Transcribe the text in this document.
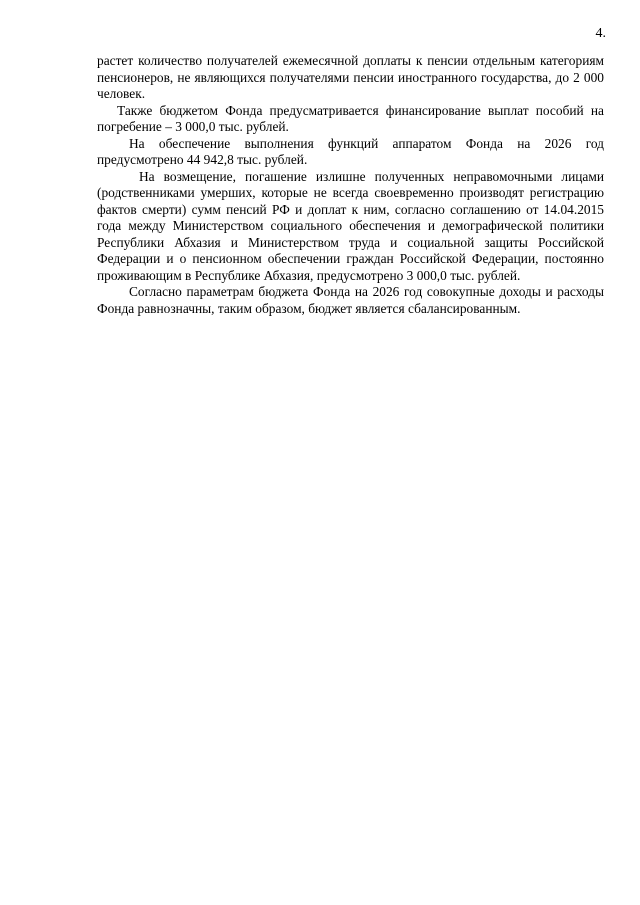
4.

растет количество получателей ежемесячной доплаты к пенсии отдельным категориям пенсионеров, не являющихся получателями пенсии иностранного государства, до 2 000 человек.

Также бюджетом Фонда предусматривается финансирование выплат пособий на погребение – 3 000,0 тыс. рублей.

На обеспечение выполнения функций аппаратом Фонда на 2026 год предусмотрено 44 942,8 тыс. рублей.

На возмещение, погашение излишне полученных неправомочными лицами (родственниками умерших, которые не всегда своевременно производят регистрацию фактов смерти) сумм пенсий РФ и доплат к ним, согласно соглашению от 14.04.2015 года между Министерством социального обеспечения и демографической политики Республики Абхазия и Министерством труда и социальной защиты Российской Федерации и о пенсионном обеспечении граждан Российской Федерации, постоянно проживающим в Республике Абхазия, предусмотрено 3 000,0 тыс. рублей.

Согласно параметрам бюджета Фонда на 2026 год совокупные доходы и расходы Фонда равнозначны, таким образом, бюджет является сбалансированным.
